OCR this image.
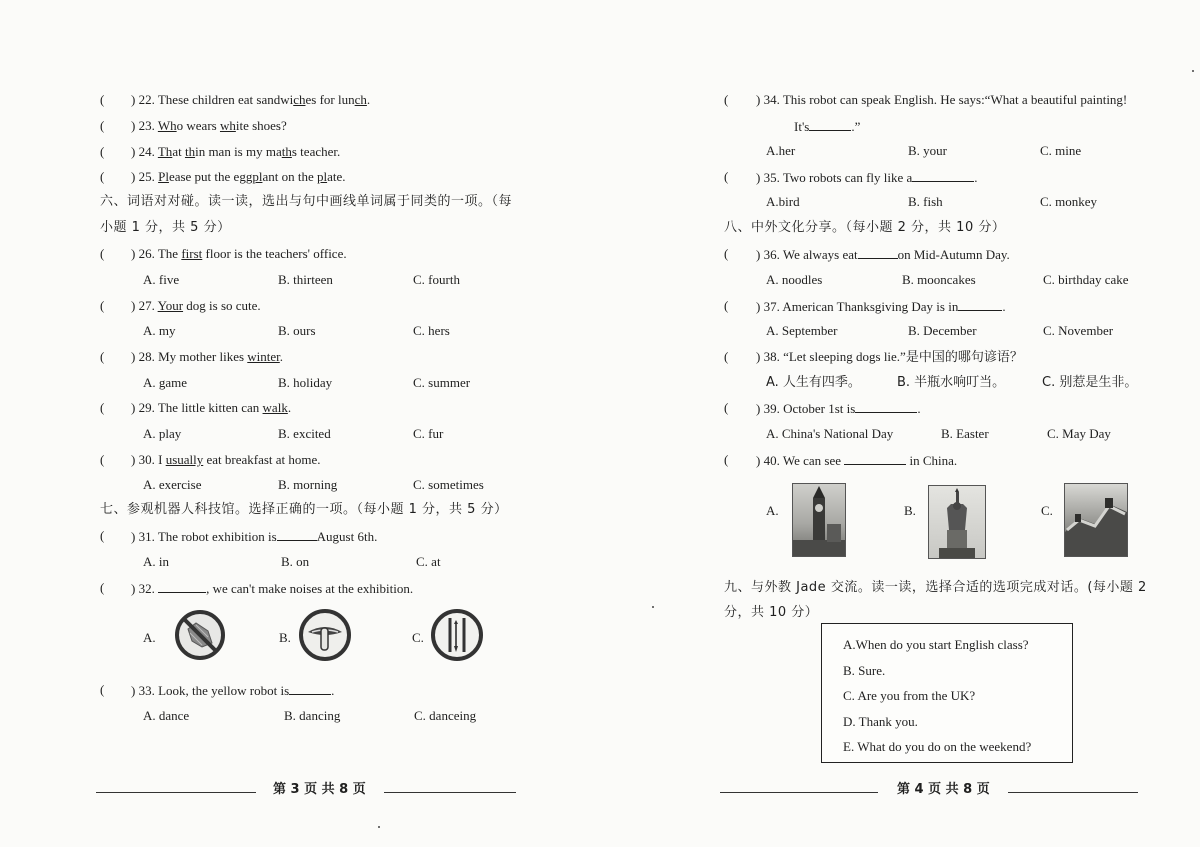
( ) 22. These children eat sandwiches for lunch.
( ) 23. Who wears white shoes?
( ) 24. That thin man is my maths teacher.
( ) 25. Please put the eggplant on the plate.
六、词语对对碰。读一读，选出与句中画线单词属于同类的一项。（每
小题 1 分，共 5 分）
( ) 26. The first floor is the teachers' office.
A. five	B. thirteen	C. fourth
( ) 27. Your dog is so cute.
A. my	B. ours	C. hers
( ) 28. My mother likes winter.
A. game	B. holiday	C. summer
( ) 29. The little kitten can walk.
A. play	B. excited	C. fur
( ) 30. I usually eat breakfast at home.
A. exercise	B. morning	C. sometimes
七、参观机器人科技馆。选择正确的一项。（每小题 1 分，共 5 分）
( ) 31. The robot exhibition is	August 6th.
A. in	B. on	C. at
( ) 32.	, we can't make noises at the exhibition.
A.	B.	C.
( ) 33. Look, the yellow robot is	.
A. dance	B. dancing	C. danceing
第 3 页 共 8 页
( ) 34. This robot can speak English. He says:“What a beautiful painting!
It's	.”
A.her	B. your	C. mine
( ) 35. Two robots can fly like a	.
A.bird	B. fish	C. monkey
八、中外文化分享。（每小题 2 分，共 10 分）
( ) 36. We always eat	on Mid-Autumn Day.
A. noodles	B. mooncakes	C. birthday cake
( ) 37. American Thanksgiving Day is in	.
A. September	B. December	C. November
( ) 38. “Let sleeping dogs lie.”是中国的哪句谚语？
A. 人生有四季。	B. 半瓶水响叮当。	C. 别惹是生非。
( ) 39. October 1st is	.
A. China's National Day	B. Easter	C. May Day
( ) 40. We can see	in China.
A.	B.	C.
九、与外教 Jade 交流。读一读，选择合适的选项完成对话。(每小题 2
分，共 10 分）
A.When do you start English class?
B. Sure.
C. Are you from the UK?
D. Thank you.
E. What do you do on the weekend?
第 4 页 共 8 页
